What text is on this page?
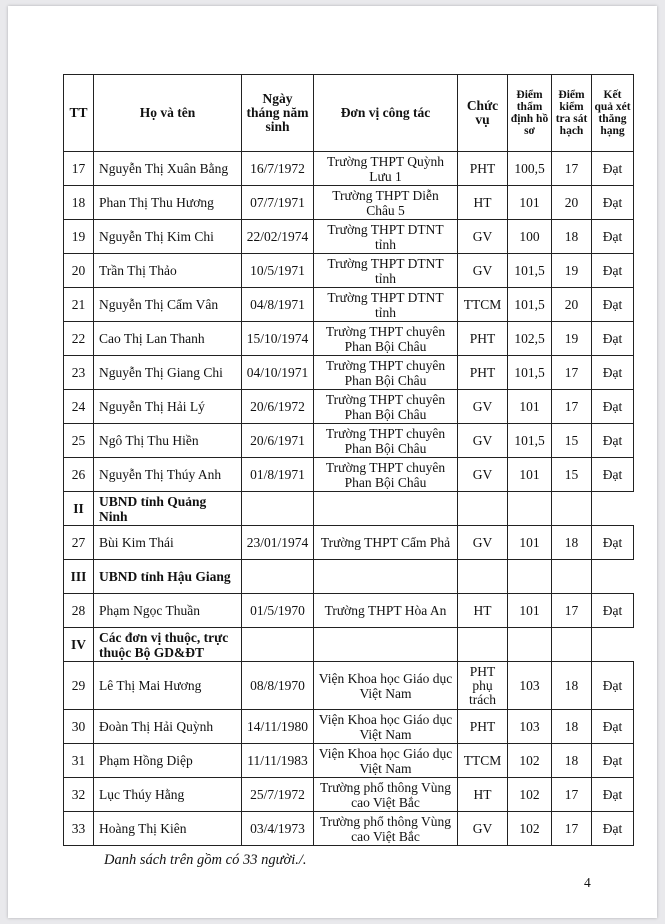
TT	Họ và tên	Ngày tháng năm sinh	Đơn vị công tác	Chức vụ	Điểm thẩm định hồ sơ	Điểm kiểm tra sát hạch	Kết quả xét thăng hạng
17	Nguyễn Thị Xuân Bằng	16/7/1972	Trường THPT Quỳnh Lưu 1	PHT	100,5	17	Đạt
18	Phan Thị Thu Hương	07/7/1971	Trường THPT Diễn Châu 5	HT	101	20	Đạt
19	Nguyễn Thị Kim Chi	22/02/1974	Trường THPT DTNT tỉnh	GV	100	18	Đạt
20	Trần Thị Thảo	10/5/1971	Trường THPT DTNT tỉnh	GV	101,5	19	Đạt
21	Nguyễn Thị Cẩm Vân	04/8/1971	Trường THPT DTNT tỉnh	TTCM	101,5	20	Đạt
22	Cao Thị Lan Thanh	15/10/1974	Trường THPT chuyên Phan Bội Châu	PHT	102,5	19	Đạt
23	Nguyễn Thị Giang Chi	04/10/1971	Trường THPT chuyên Phan Bội Châu	PHT	101,5	17	Đạt
24	Nguyễn Thị Hải Lý	20/6/1972	Trường THPT chuyên Phan Bội Châu	GV	101	17	Đạt
25	Ngô Thị Thu Hiền	20/6/1971	Trường THPT chuyên Phan Bội Châu	GV	101,5	15	Đạt
26	Nguyễn Thị Thúy Anh	01/8/1971	Trường THPT chuyên Phan Bội Châu	GV	101	15	Đạt
II	UBND tỉnh Quảng Ninh						
27	Bùi Kim Thái	23/01/1974	Trường THPT Cẩm Phả	GV	101	18	Đạt
III	UBND tỉnh Hậu Giang						
28	Phạm Ngọc Thuần	01/5/1970	Trường THPT Hòa An	HT	101	17	Đạt
IV	Các đơn vị thuộc, trực thuộc Bộ GD&ĐT						
29	Lê Thị Mai Hương	08/8/1970	Viện Khoa học Giáo dục Việt Nam	PHT phụ trách	103	18	Đạt
30	Đoàn Thị Hải Quỳnh	14/11/1980	Viện Khoa học Giáo dục Việt Nam	PHT	103	18	Đạt
31	Phạm Hồng Diệp	11/11/1983	Viện Khoa học Giáo dục Việt Nam	TTCM	102	18	Đạt
32	Lục Thúy Hằng	25/7/1972	Trường phổ thông Vùng cao Việt Bắc	HT	102	17	Đạt
33	Hoàng Thị Kiên	03/4/1973	Trường phổ thông Vùng cao Việt Bắc	GV	102	17	Đạt
Danh sách trên gồm có 33 người./.
4
